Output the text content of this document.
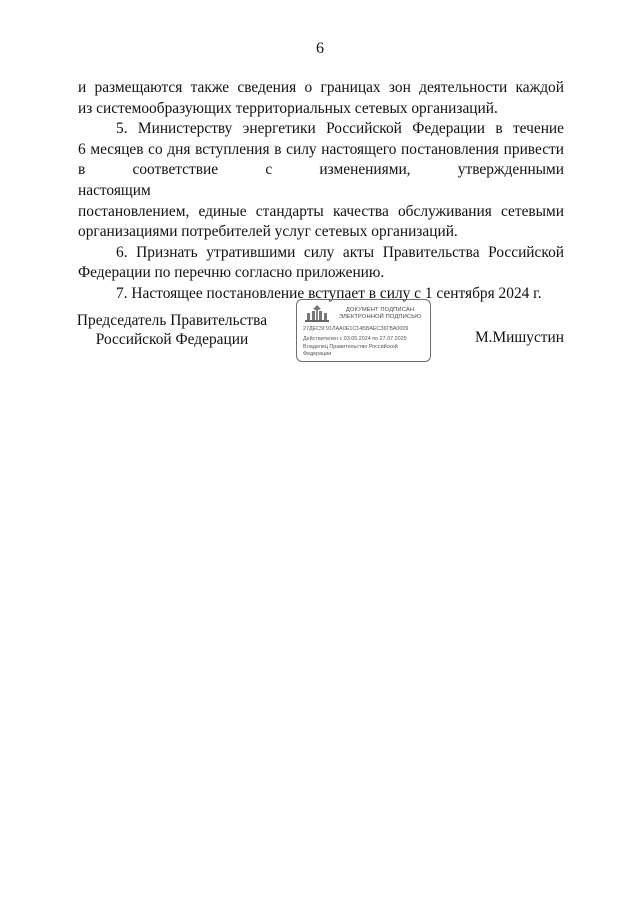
6
и размещаются также сведения о границах зон деятельности каждой
из системообразующих территориальных сетевых организаций.
5. Министерству энергетики Российской Федерации в течение
6 месяцев со дня вступления в силу настоящего постановления привести
в соответствие с изменениями, утвержденными настоящим
постановлением, единые стандарты качества обслуживания сетевыми
организациями потребителей услуг сетевых организаций.
6. Признать утратившими силу акты Правительства Российской
Федерации по перечню согласно приложению.
7. Настоящее постановление вступает в силу с 1 сентября 2024 г.
Председатель Правительства
Российской Федерации
ДОКУМЕНТ ПОДПИСАН
ЭЛЕКТРОННОЙ ПОДПИСЬЮ
27ДЕС5Г91ЛАА0Е1С14БВАЕСЗ6ГВА0009
Действителен с 03.05.2024 по 27.07.2025
Владелец Правительство Российской Федерации
М.Мишустин
